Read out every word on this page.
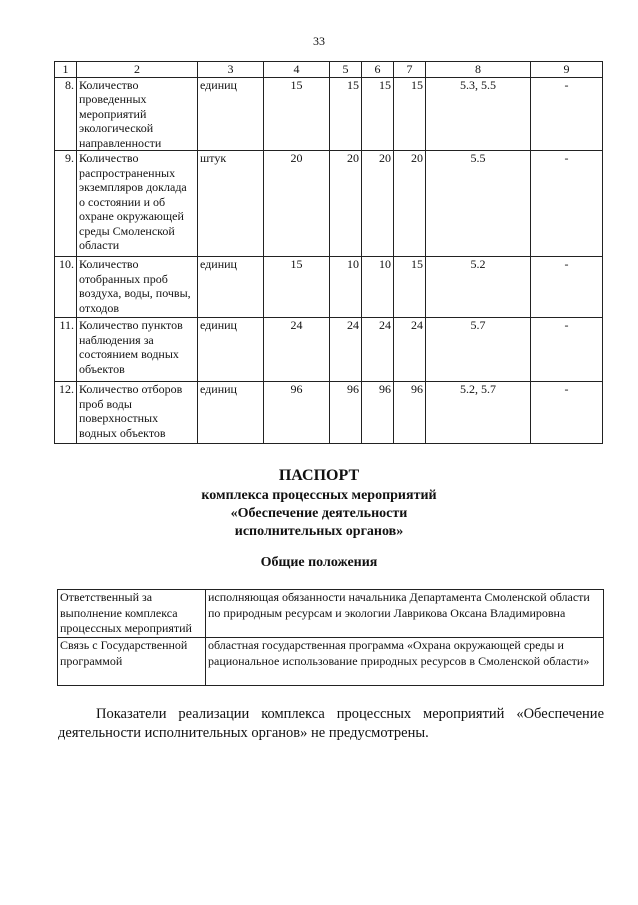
33
1	2	3	4	5	6	7	8	9
8.	Количество проведенных мероприятий экологической направленности	единиц	15	15	15	15	5.3, 5.5	-
9.	Количество распространенных экземпляров доклада о состоянии и об охране окружающей среды Смоленской области	штук	20	20	20	20	5.5	-
10.	Количество отобранных проб воздуха, воды, почвы, отходов	единиц	15	10	10	15	5.2	-
11.	Количество пунктов наблюдения за состоянием водных объектов	единиц	24	24	24	24	5.7	-
12.	Количество отборов проб воды поверхностных водных объектов	единиц	96	96	96	96	5.2, 5.7	-
ПАСПОРТ
комплекса процессных мероприятий
«Обеспечение деятельности
исполнительных органов»
Общие положения
Ответственный за выполнение комплекса процессных мероприятий	исполняющая обязанности начальника Департамента Смоленской области по природным ресурсам и экологии Лаврикова Оксана Владимировна
Связь с Государственной программой	областная государственная программа «Охрана окружающей среды и рациональное использование природных ресурсов в Смоленской области»
Показатели реализации комплекса процессных мероприятий «Обеспечение деятельности исполнительных органов» не предусмотрены.
